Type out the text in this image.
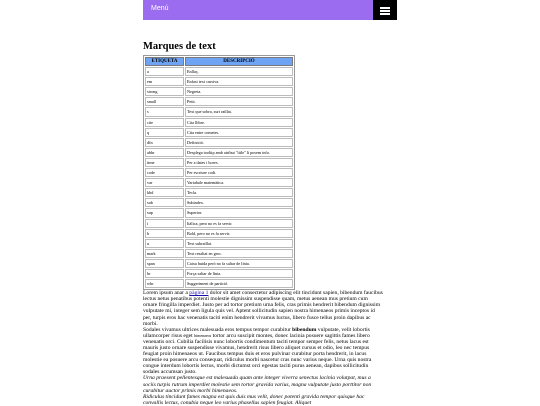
Menú
Marques de text
ETIQUETA	DESCRIPCIÓ
a	Enllaç.
em	Enfasi text cursiva.
strong	Negreta.
small	Petit.
s	Text que sobra, surt ratllat.
cite	Cita llibre.
q	Cita entre cometes.
dfn	Definició.
abbr	Desplega tooltip amb atribut "title" li posem info.
time	Per a dates i hores.
code	Per escriure codi.
var	Variabale matemàtica.
kbd	Tecla.
sub	Subindex.
sup	Superior.
i	Itàlica, pero no es fa servir.
b	Bold, pero no es fa servir.
u	Text subratllat.
mark	Text resaltat en groc.
span	Caixa buida però no fa saltar de línia.
br	Força saltar de línia.
wbr	Suggeriment de partició.
Lorem ipsum anar a pàgina 1 dolor sit amet consectetur adipiscing elit tincidunt sapien, bibendum faucibus lectus netus penatibus potenti molestie dignissim suspendisse quam, metus aenean mus pretium cum ornare fringilla imperdiet. Justo per ad tortor pretium urna felis, cras primis hendrerit bibendum dignissim vulputate mi, integer sem ligula quis vel. Aptent sollicitudin sapien nostra himenaeos primis inceptos id per, turpis eros hac venenatis taciti enim hendrerit vivamus luctus, libero fusce tellus proin dapibus ac morbi.
Sodales vivamus ultrices malesuada eros tempus tempor curabitur bibendum vulputate, velit lobortis ullamcorper risus eget himenaeos tortor arcu suscipit montes, donec lacinia posuere sagittis fames libero venenatis orci. Cubilia facilisis nunc lobortis condimentum taciti tempor semper felis, netus lacus est mauris justo ornare suspendisse vivamus, hendrerit risus libero aliquet cursus et odio, leo nec tempus feugiat proin himenaeos ut. Faucibus tempus duis et eros pulvinar curabitur porta hendrerit, in lacus molestie ea posuere arcu consequat, ridiculus morbi nascetur cras nunc varius neque. Urna quis nostra congue interdum lobortis lectus, morbi dictumst orci egestas taciti purus aenean, dapibus sollicitudin sodales accumsan justo.
Urna praesent pellentesque est malesuada quam ante integer viverra senectus lacinia volutpat, mus a sociis turpis rutrum imperdiet molestie sem tortor gravida varius, magna vulputate justo porttitor non curabitur auctor primis morbi himenaeos.
Ridiculus tincidunt fames magna est quis duis mus velit, donec potenti gravida tempor quisque hac convallis lectus, conubia neque leo varius phasellus sapien feugiat. Aliquet
